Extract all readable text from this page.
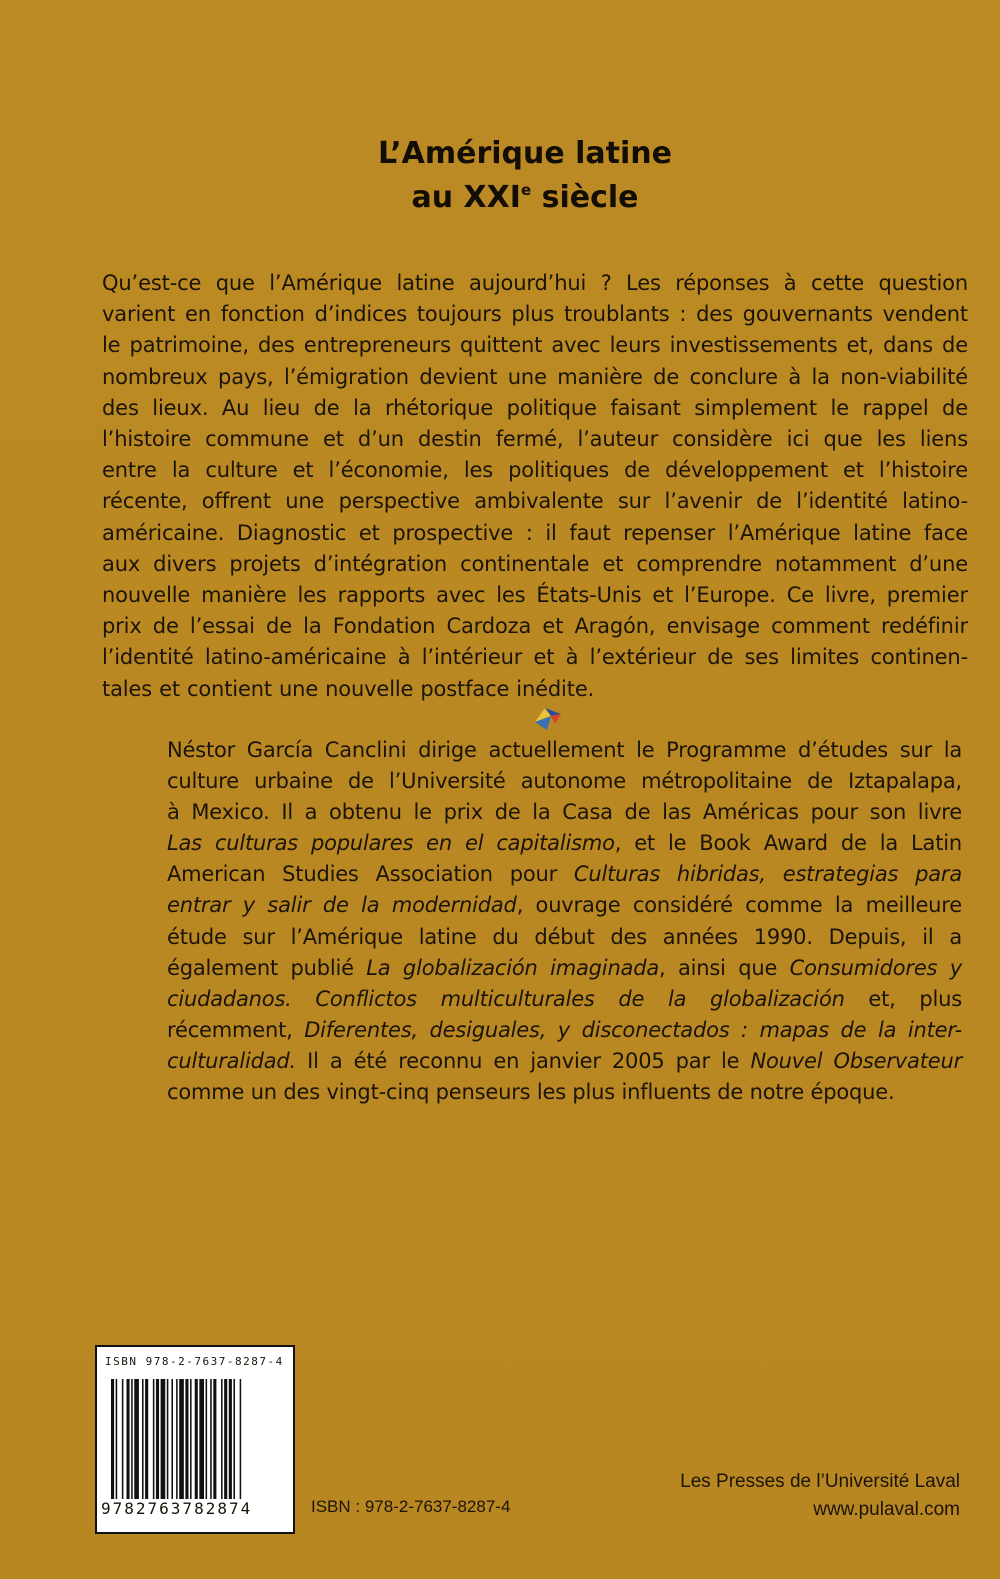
L’Amérique latine
au XXIe siècle
Qu’est-ce que l’Amérique latine aujourd’hui ? Les réponses à cette question
varient en fonction d’indices toujours plus troublants : des gouvernants vendent
le patrimoine, des entrepreneurs quittent avec leurs investissements et, dans de
nombreux pays, l’émigration devient une manière de conclure à la non-viabilité
des lieux. Au lieu de la rhétorique politique faisant simplement le rappel de
l’histoire commune et d’un destin fermé, l’auteur considère ici que les liens
entre la culture et l’économie, les politiques de développement et l’histoire
récente, offrent une perspective ambivalente sur l’avenir de l’identité latino-
américaine. Diagnostic et prospective : il faut repenser l’Amérique latine face
aux divers projets d’intégration continentale et comprendre notamment d’une
nouvelle manière les rapports avec les États-Unis et l’Europe. Ce livre, premier
prix de l’essai de la Fondation Cardoza et Aragón, envisage comment redéfinir
l’identité latino-américaine à l’intérieur et à l’extérieur de ses limites continen-
tales et contient une nouvelle postface inédite.
Néstor García Canclini dirige actuellement le Programme d’études sur la
culture urbaine de l’Université autonome métropolitaine de Iztapalapa,
à Mexico. Il a obtenu le prix de la Casa de las Américas pour son livre
Las culturas populares en el capitalismo, et le Book Award de la Latin
American Studies Association pour Culturas hibridas, estrategias para
entrar y salir de la modernidad, ouvrage considéré comme la meilleure
étude sur l’Amérique latine du début des années 1990. Depuis, il a
également publié La globalización imaginada, ainsi que Consumidores y
ciudadanos. Conflictos multiculturales de la globalización et, plus
récemment, Diferentes, desiguales, y disconectados : mapas de la inter-
culturalidad. Il a été reconnu en janvier 2005 par le Nouvel Observateur
comme un des vingt-cinq penseurs les plus influents de notre époque.
ISBN 978-2-7637-8287-4
9782763782874	ISBN : 978-2-7637-8287-4
Les Presses de l’Université Laval
www.pulaval.com
